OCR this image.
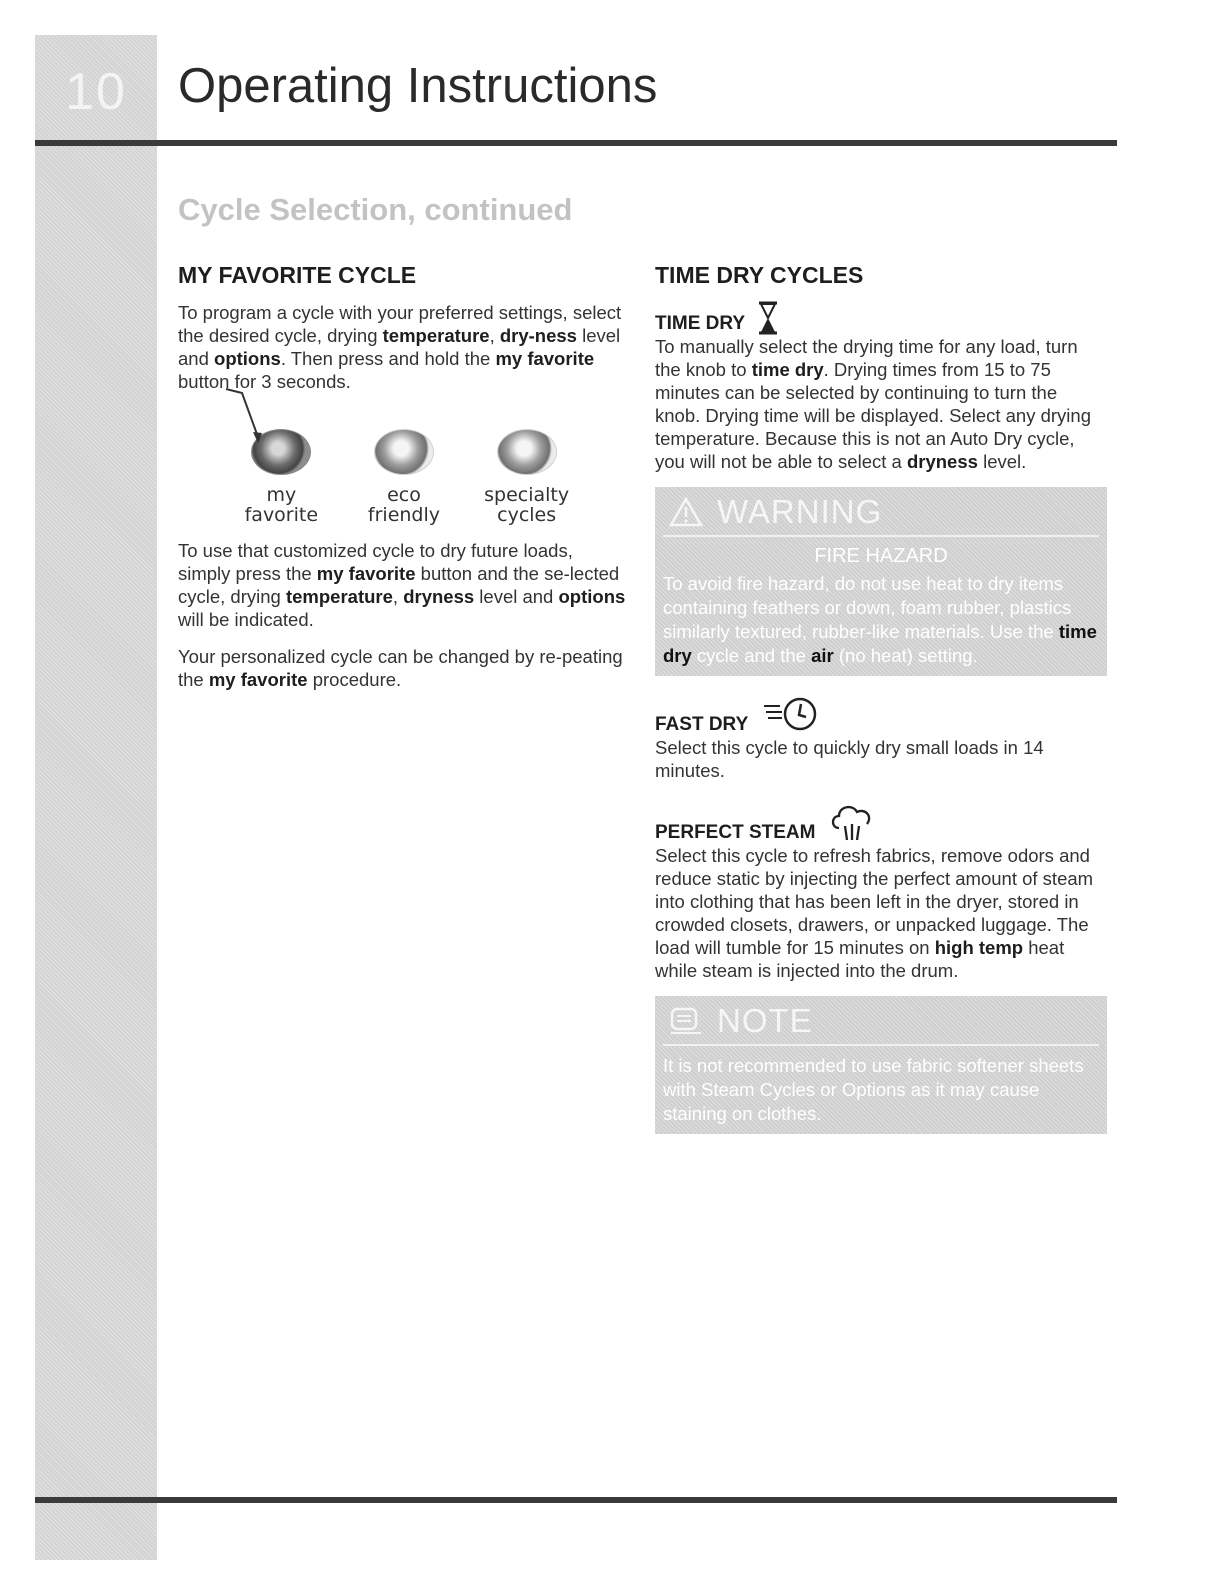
10	Operating Instructions
Cycle Selection, continued
MY FAVORITE CYCLE

To program a cycle with your preferred settings, select the desired cycle, drying temperature, dry-ness level and options. Then press and hold the my favorite button for 3 seconds.

my
favorite
eco
friendly
specialty
cycles

To use that customized cycle to dry future loads, simply press the my favorite button and the se-lected cycle, drying temperature, dryness level and options will be indicated.

Your personalized cycle can be changed by re-peating the my favorite procedure.

TIME DRY CYCLES
TIME DRY

To manually select the drying time for any load, turn the knob to time dry. Drying times from 15 to 75 minutes can be selected by continuing to turn the knob. Drying time will be displayed. Select any drying temperature. Because this is not an Auto Dry cycle, you will not be able to select a dryness level.

WARNING
FIRE HAZARD

To avoid fire hazard, do not use heat to dry items containing feathers or down, foam rubber, plastics similarly textured, rubber-like materials. Use the time dry cycle and the air (no heat) setting.

FAST DRY

Select this cycle to quickly dry small loads in 14 minutes.

PERFECT STEAM

Select this cycle to refresh fabrics, remove odors and reduce static by injecting the perfect amount of steam into clothing that has been left in the dryer, stored in crowded closets, drawers, or unpacked luggage. The load will tumble for 15 minutes on high temp heat while steam is injected into the drum.

NOTE

It is not recommended to use fabric softener sheets with Steam Cycles or Options as it may cause staining on clothes.
